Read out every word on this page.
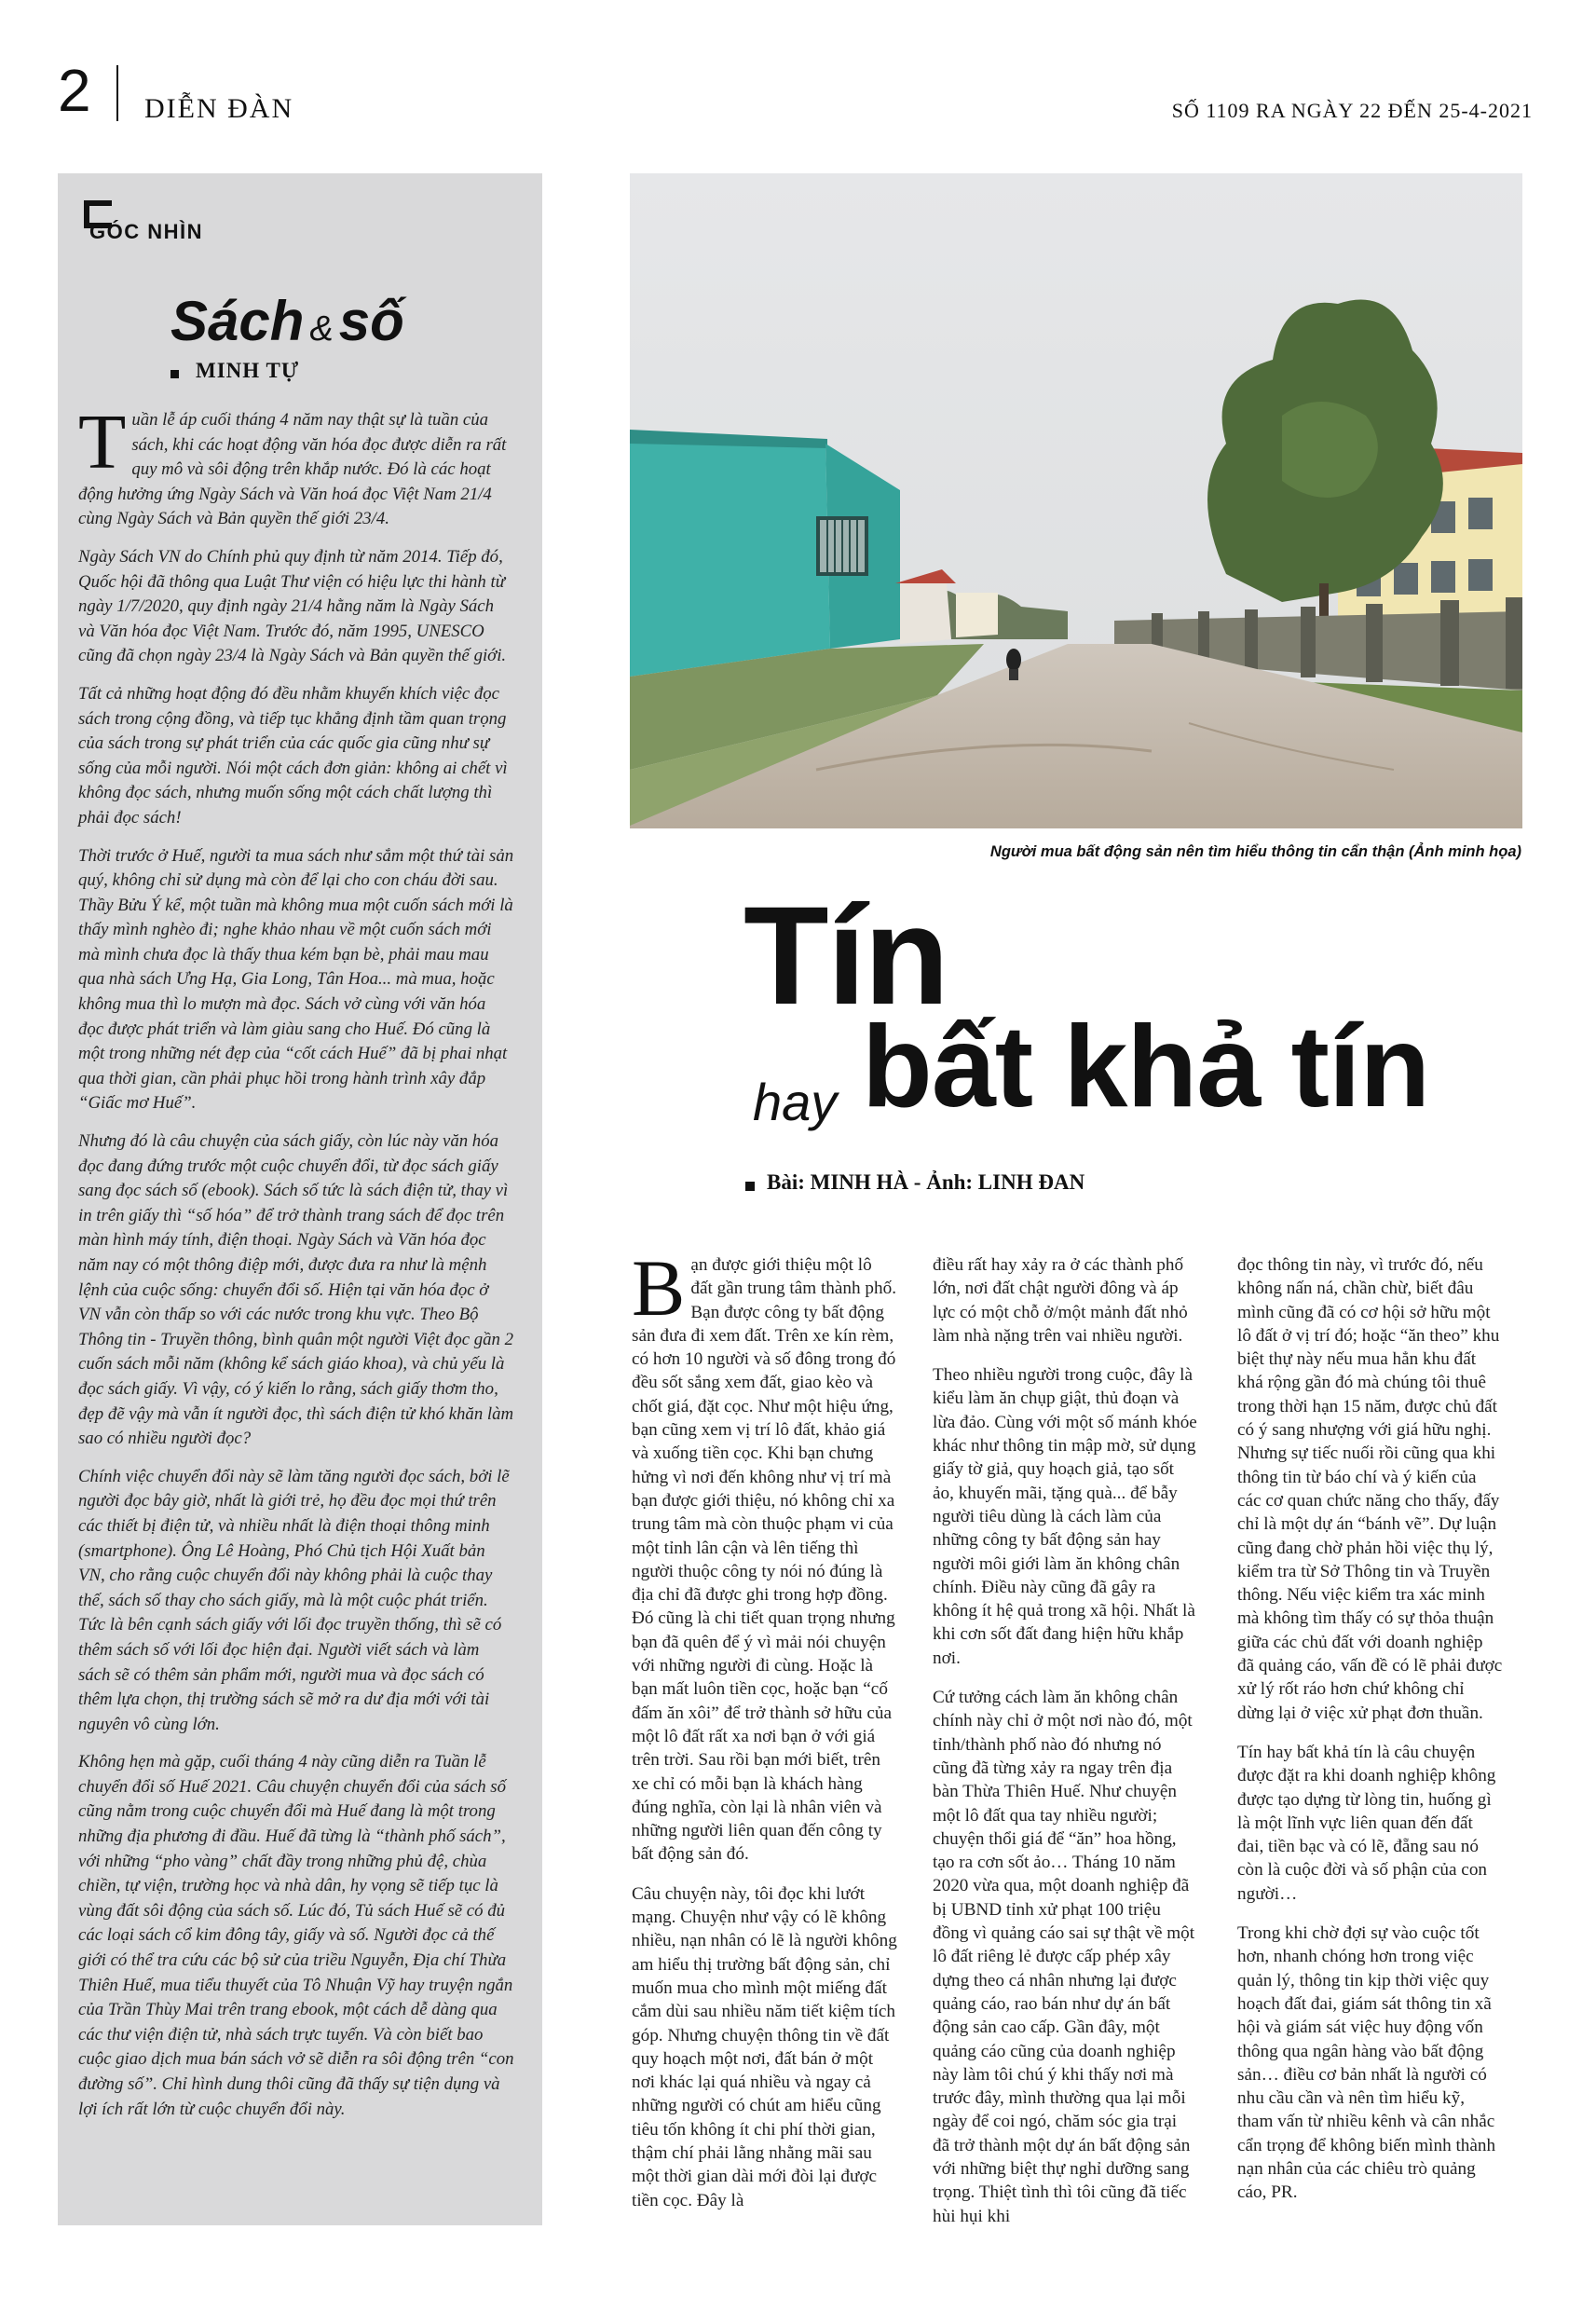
2 DIỄN ĐÀN	SỐ 1109 RA NGÀY 22 ĐẾN 25-4-2021
GÓC NHÌN
Sách & số
MINH TỰ

Tuần lễ áp cuối tháng 4 năm nay thật sự là tuần của sách, khi các hoạt động văn hóa đọc được diễn ra rất quy mô và sôi động trên khắp nước. Đó là các hoạt động hưởng ứng Ngày Sách và Văn hoá đọc Việt Nam 21/4 cùng Ngày Sách và Bản quyền thế giới 23/4.

Ngày Sách VN do Chính phủ quy định từ năm 2014. Tiếp đó, Quốc hội đã thông qua Luật Thư viện có hiệu lực thi hành từ ngày 1/7/2020, quy định ngày 21/4 hằng năm là Ngày Sách và Văn hóa đọc Việt Nam. Trước đó, năm 1995, UNESCO cũng đã chọn ngày 23/4 là Ngày Sách và Bản quyền thế giới.

Tất cả những hoạt động đó đều nhằm khuyến khích việc đọc sách trong cộng đồng, và tiếp tục khẳng định tầm quan trọng của sách trong sự phát triển của các quốc gia cũng như sự sống của mỗi người. Nói một cách đơn giản: không ai chết vì không đọc sách, nhưng muốn sống một cách chất lượng thì phải đọc sách!

Thời trước ở Huế, người ta mua sách như sắm một thứ tài sản quý, không chỉ sử dụng mà còn để lại cho con cháu đời sau. Thầy Bửu Ý kể, một tuần mà không mua một cuốn sách mới là thấy mình nghèo đi; nghe khảo nhau về một cuốn sách mới mà mình chưa đọc là thấy thua kém bạn bè, phải mau mau qua nhà sách Ưng Hạ, Gia Long, Tân Hoa... mà mua, hoặc không mua thì lo mượn mà đọc. Sách vở cùng với văn hóa đọc được phát triển và làm giàu sang cho Huế. Đó cũng là một trong những nét đẹp của “cốt cách Huế” đã bị phai nhạt qua thời gian, cần phải phục hồi trong hành trình xây đắp “Giấc mơ Huế”.

Nhưng đó là câu chuyện của sách giấy, còn lúc này văn hóa đọc đang đứng trước một cuộc chuyển đổi, từ đọc sách giấy sang đọc sách số (ebook). Sách số tức là sách điện tử, thay vì in trên giấy thì “số hóa” để trở thành trang sách để đọc trên màn hình máy tính, điện thoại. Ngày Sách và Văn hóa đọc năm nay có một thông điệp mới, được đưa ra như là mệnh lệnh của cuộc sống: chuyển đổi số. Hiện tại văn hóa đọc ở VN vẫn còn thấp so với các nước trong khu vực. Theo Bộ Thông tin - Truyền thông, bình quân một người Việt đọc gần 2 cuốn sách mỗi năm (không kể sách giáo khoa), và chủ yếu là đọc sách giấy. Vì vậy, có ý kiến lo rằng, sách giấy thơm tho, đẹp đẽ vậy mà vẫn ít người đọc, thì sách điện tử khó khăn làm sao có nhiều người đọc?

Chính việc chuyển đổi này sẽ làm tăng người đọc sách, bởi lẽ người đọc bây giờ, nhất là giới trẻ, họ đều đọc mọi thứ trên các thiết bị điện tử, và nhiều nhất là điện thoại thông minh (smartphone). Ông Lê Hoàng, Phó Chủ tịch Hội Xuất bản VN, cho rằng cuộc chuyển đổi này không phải là cuộc thay thế, sách số thay cho sách giấy, mà là một cuộc phát triển. Tức là bên cạnh sách giấy với lối đọc truyền thống, thì sẽ có thêm sách số với lối đọc hiện đại. Người viết sách và làm sách sẽ có thêm sản phẩm mới, người mua và đọc sách có thêm lựa chọn, thị trường sách sẽ mở ra dư địa mới với tài nguyên vô cùng lớn.

Không hẹn mà gặp, cuối tháng 4 này cũng diễn ra Tuần lễ chuyển đổi số Huế 2021. Câu chuyện chuyển đổi của sách số cũng nằm trong cuộc chuyển đổi mà Huế đang là một trong những địa phương đi đầu. Huế đã từng là “thành phố sách”, với những “pho vàng” chất đầy trong những phủ đệ, chùa chiền, tự viện, trường học và nhà dân, hy vọng sẽ tiếp tục là vùng đất sôi động của sách số. Lúc đó, Tủ sách Huế sẽ có đủ các loại sách cổ kim đông tây, giấy và số. Người đọc cả thế giới có thể tra cứu các bộ sử của triều Nguyễn, Địa chí Thừa Thiên Huế, mua tiểu thuyết của Tô Nhuận Vỹ hay truyện ngắn của Trần Thùy Mai trên trang ebook, một cách dễ dàng qua các thư viện điện tử, nhà sách trực tuyến. Và còn biết bao cuộc giao dịch mua bán sách vở sẽ diễn ra sôi động trên “con đường số”. Chỉ hình dung thôi cũng đã thấy sự tiện dụng và lợi ích rất lớn từ cuộc chuyển đổi này.

Người mua bất động sản nên tìm hiểu thông tin cẩn thận (Ảnh minh họa)
Tín
hay bất khả tín
Bài: MINH HÀ - Ảnh: LINH ĐAN

Bạn được giới thiệu một lô đất gần trung tâm thành phố. Bạn được công ty bất động sản đưa đi xem đất. Trên xe kín rèm, có hơn 10 người và số đông trong đó đều sốt sắng xem đất, giao kèo và chốt giá, đặt cọc. Như một hiệu ứng, bạn cũng xem vị trí lô đất, khảo giá và xuống tiền cọc. Khi bạn chưng hửng vì nơi đến không như vị trí mà bạn được giới thiệu, nó không chỉ xa trung tâm mà còn thuộc phạm vi của một tỉnh lân cận và lên tiếng thì người thuộc công ty nói nó đúng là địa chỉ đã được ghi trong hợp đồng. Đó cũng là chi tiết quan trọng nhưng bạn đã quên để ý vì mải nói chuyện với những người đi cùng. Hoặc là bạn mất luôn tiền cọc, hoặc bạn “cố đấm ăn xôi” để trở thành sở hữu của một lô đất rất xa nơi bạn ở với giá trên trời. Sau rồi bạn mới biết, trên xe chỉ có mỗi bạn là khách hàng đúng nghĩa, còn lại là nhân viên và những người liên quan đến công ty bất động sản đó.

Câu chuyện này, tôi đọc khi lướt mạng. Chuyện như vậy có lẽ không nhiều, nạn nhân có lẽ là người không am hiểu thị trường bất động sản, chỉ muốn mua cho mình một miếng đất cắm dùi sau nhiều năm tiết kiệm tích góp. Nhưng chuyện thông tin về đất quy hoạch một nơi, đất bán ở một nơi khác lại quá nhiều và ngay cả những người có chút am hiểu cũng tiêu tốn không ít chi phí thời gian, thậm chí phải lằng nhằng mãi sau một thời gian dài mới đòi lại được tiền cọc. Đây là

điều rất hay xảy ra ở các thành phố lớn, nơi đất chật người đông và áp lực có một chỗ ở/một mảnh đất nhỏ làm nhà nặng trên vai nhiều người.

Theo nhiều người trong cuộc, đây là kiểu làm ăn chụp giật, thủ đoạn và lừa đảo. Cùng với một số mánh khóe khác như thông tin mập mờ, sử dụng giấy tờ giả, quy hoạch giả, tạo sốt ảo, khuyến mãi, tặng quà... để bẫy người tiêu dùng là cách làm của những công ty bất động sản hay người môi giới làm ăn không chân chính. Điều này cũng đã gây ra không ít hệ quả trong xã hội. Nhất là khi cơn sốt đất đang hiện hữu khắp nơi.

Cứ tưởng cách làm ăn không chân chính này chỉ ở một nơi nào đó, một tỉnh/thành phố nào đó nhưng nó cũng đã từng xảy ra ngay trên địa bàn Thừa Thiên Huế. Như chuyện một lô đất qua tay nhiều người; chuyện thổi giá để “ăn” hoa hồng, tạo ra cơn sốt ảo… Tháng 10 năm 2020 vừa qua, một doanh nghiệp đã bị UBND tỉnh xử phạt 100 triệu đồng vì quảng cáo sai sự thật về một lô đất riêng lẻ được cấp phép xây dựng theo cá nhân nhưng lại được quảng cáo, rao bán như dự án bất động sản cao cấp. Gần đây, một quảng cáo cũng của doanh nghiệp này làm tôi chú ý khi thấy nơi mà trước đây, mình thường qua lại mỗi ngày để coi ngó, chăm sóc gia trại đã trở thành một dự án bất động sản với những biệt thự nghỉ dưỡng sang trọng. Thiệt tình thì tôi cũng đã tiếc hùi hụi khi

đọc thông tin này, vì trước đó, nếu không nấn ná, chần chừ, biết đâu mình cũng đã có cơ hội sở hữu một lô đất ở vị trí đó; hoặc “ăn theo” khu biệt thự này nếu mua hẳn khu đất khá rộng gần đó mà chúng tôi thuê trong thời hạn 15 năm, được chủ đất có ý sang nhượng với giá hữu nghị. Nhưng sự tiếc nuối rồi cũng qua khi thông tin từ báo chí và ý kiến của các cơ quan chức năng cho thấy, đấy chỉ là một dự án “bánh vẽ”. Dự luận cũng đang chờ phản hồi việc thụ lý, kiểm tra từ Sở Thông tin và Truyền thông. Nếu việc kiểm tra xác minh mà không tìm thấy có sự thỏa thuận giữa các chủ đất với doanh nghiệp đã quảng cáo, vấn đề có lẽ phải được xử lý rốt ráo hơn chứ không chỉ dừng lại ở việc xử phạt đơn thuần.

Tín hay bất khả tín là câu chuyện được đặt ra khi doanh nghiệp không được tạo dựng từ lòng tin, huống gì là một lĩnh vực liên quan đến đất đai, tiền bạc và có lẽ, đẵng sau nó còn là cuộc đời và số phận của con người…

Trong khi chờ đợi sự vào cuộc tốt hơn, nhanh chóng hơn trong việc quản lý, thông tin kịp thời việc quy hoạch đất đai, giám sát thông tin xã hội và giám sát việc huy động vốn thông qua ngân hàng vào bất động sản… điều cơ bản nhất là người có nhu cầu cần và nên tìm hiểu kỹ, tham vấn từ nhiều kênh và cân nhắc cẩn trọng để không biến mình thành nạn nhân của các chiêu trò quảng cáo, PR.
